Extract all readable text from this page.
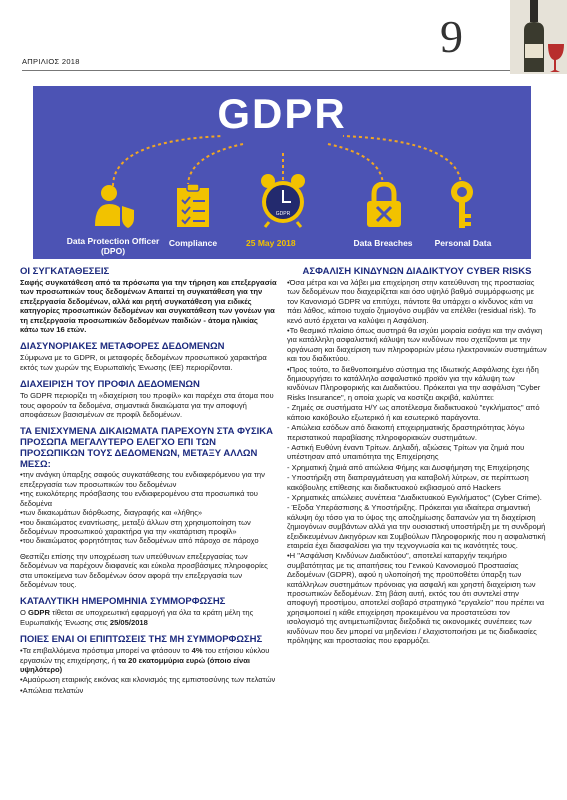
ΑΠΡΙΛΙΟΣ 2018	9
GDPR
GDPR
Data Protection Officer (DPO)
Compliance	25 May 2018	Data Breaches	Personal Data
ΟΙ ΣΥΓΚΑΤΑΘΕΣΕΙΣ

Σαφής συγκατάθεση από τα πρόσωπα για την τήρηση και επεξεργασία των προσωπικών τους δεδομένων Απαιτεί τη συγκατάθεση για την επεξεργασία δεδομένων, αλλά και ρητή συγκατάθεση για ειδικές κατηγορίες προσωπικών δεδομένων και συγκατάθεση των γονέων για τη επεξεργασία προσωπικών δεδομένων παιδιών - άτομα ηλικίας κάτω των 16 ετών.

ΔΙΑΣΥΝΟΡΙΑΚΕΣ ΜΕΤΑΦΟΡΕΣ ΔΕΔΟΜΕΝΩΝ

Σύμφωνα με το GDPR, οι μεταφορές δεδομένων προσωπικού χαρακτήρα εκτός των χωρών της Ευρωπαϊκής Ένωσης (ΕΕ) περιορίζονται.

ΔΙΑΧΕΙΡΙΣΗ ΤΟΥ ΠΡΟΦΙΛ ΔΕΔΟΜΕΝΩΝ

Το GDPR περιορίζει τη «διαχείριση του προφίλ» και παρέχει στα άτομα που τους αφορούν τα δεδομένα, σημαντικά δικαιώματα για την αποφυγή αποφάσεων βασισμένων σε προφίλ δεδομένων.

ΤΑ ΕΝΙΣΧΥΜΕΝΑ ΔΙΚΑΙΩΜΑΤΑ ΠΑΡΕΧΟΥΝ ΣΤΑ ΦΥΣΙΚΑ ΠΡΟΣΩΠΑ ΜΕΓΑΛΥΤΕΡΟ ΕΛΕΓΧΟ ΕΠΙ ΤΩΝ ΠΡΟΣΩΠΙΚΩΝ ΤΟΥΣ ΔΕΔΟΜΕΝΩΝ, ΜΕΤΑΞΥ ΑΛΛΩΝ ΜΕΣΩ:

•την ανάγκη ύπαρξης σαφούς συγκατάθεσης του ενδιαφερόμενου για την επεξεργασία των προσωπικών του δεδομένων

•της ευκολότερης πρόσβασης του ενδιαφερομένου στα προσωπικά του δεδομένα

•των δικαιωμάτων διόρθωσης, διαγραφής και «λήθης»

•του δικαιώματος εναντίωσης, μεταξύ άλλων στη χρησιμοποίηση των δεδομένων προσωπικού χαρακτήρα για την «κατάρτιση προφίλ»

•του δικαιώματος φορητότητας των δεδομένων από πάροχο σε πάροχο

Θεσπίζει επίσης την υποχρέωση των υπεύθυνων επεξεργασίας των δεδομένων να παρέχουν διαφανείς και εύκολα προσβάσιμες πληροφορίες στα υποκείμενα των δεδομένων όσον αφορά την επεξεργασία των δεδομένων τους.

ΚΑΤΑΛΥΤΙΚΗ ΗΜΕΡΟΜΗΝΙΑ ΣΥΜΜΟΡΦΩΣΗΣ

Ο GDPR τίθεται σε υποχρεωτική εφαρμογή για όλα τα κράτη μέλη της Ευρωπαϊκής Ένωσης στις 25/05/2018

ΠΟΙΕΣ ΕΝΑΙ ΟΙ ΕΠΙΠΤΩΣΕΙΣ ΤΗΣ ΜΗ ΣΥΜΜΟΡΦΩΣΗΣ

•Τα επιβαλλόμενα πρόστιμα μπορεί να φτάσουν το 4% του ετήσιου κύκλου εργασιών της επιχείρησης, ή τα 20 εκατομμύρια ευρώ (όποιο είναι υψηλότερο)

•Αμαύρωση εταιρικής εικόνας και κλονισμός της εμπιστοσύνης των πελατών

•Απώλεια πελατών

ΑΣΦΑΛΙΣΗ ΚΙΝΔΥΝΩΝ ΔΙΑΔΙΚΤΥΟΥ CYBER RISKS

•Όσα μέτρα και να λάβει μια επιχείρηση στην κατεύθυνση της προστασίας των δεδομένων που διαχειρίζεται και όσο υψηλό βαθμό συμμόρφωσης με τον Κανονισμό GDPR να επιτύχει, πάντοτε θα υπάρχει ο κίνδυνος κάτι να πάει λάθος, κάποιο τυχαίο ζημιογόνο συμβάν να επέλθει (residual risk). Το κενό αυτό έρχεται να καλύψει η Ασφάλιση.

•Το θεσμικό πλαίσιο όπως αυστηρά θα ισχύει μοιραία εισάγει και την ανάγκη για κατάλληλη ασφαλιστική κάλυψη των κινδύνων που σχετίζονται με την οργάνωση και διαχείριση των πληροφοριών μέσω ηλεκτρονικών συστημάτων και του διαδικτύου.

•Προς τούτο, το διεθνοποιημένο σύστημα της Ιδιωτικής Ασφάλισης έχει ήδη δημιουργήσει το κατάλληλο ασφαλιστικό προϊόν για την κάλυψη των κινδύνων Πληροφορικής και Διαδικτύου. Πρόκειται για την ασφάλιση "Cyber Risks Insurance", η οποία χωρίς να κοστίζει ακριβά, καλύπτει:

- Ζημιές σε συστήματα Η/Υ ως αποτέλεσμα διαδικτυακού "εγκλήματος" από κάποιο κακόβουλο εξωτερικό ή και εσωτερικό παράγοντα.

- Απώλεια εσόδων από διακοπή επιχειρηματικής δραστηριότητας λόγω περιστατικού παραβίασης πληροφοριακών συστημάτων.

- Αστική Ευθύνη έναντι Τρίτων. Δηλαδή, αξιώσεις Τρίτων για ζημιά που υπέστησαν από υπαιτιότητα της Επιχείρησης

- Χρηματική ζημιά από απώλεια Φήμης και Δυσφήμηση της Επιχείρησης

- Υποστήριξη στη διαπραγμάτευση για καταβολή λύτρων, σε περίπτωση κακόβουλης επίθεσης και διαδικτυακού εκβιασμού από Hackers

- Χρηματικές απώλειες συνέπεια "Διαδικτυακού Εγκλήματος" (Cyber Crime).

- Έξοδα Υπεράσπισης & Υποστήριξης. Πρόκειται για ιδιαίτερα σημαντική κάλυψη όχι τόσο για το ύψος της αποζημίωσης δαπανών για τη διαχείριση ζημιογόνων συμβάντων αλλά για την ουσιαστική υποστήριξη με τη συνδρομή εξειδικευμένων Δικηγόρων και Συμβούλων Πληροφορικής που η ασφαλιστική εταιρεία έχει διασφαλίσει για την τεχνογνωσία και τις ικανότητές τους.

•Η "Ασφάλιση Κινδύνων Διαδικτύου", αποτελεί καταρχήν τεκμήριο συμβατότητας με τις απαιτήσεις του Γενικού Κανονισμού Προστασίας Δεδομένων (GDPR), αφού η υλοποίησή της προϋποθέτει ύπαρξη των κατάλληλων συστημάτων πρόνοιας για ασφαλή και χρηστή διαχείριση των προσωπικών δεδομένων. Στη βάση αυτή, εκτός του ότι συντελεί στην αποφυγή προστίμου, αποτελεί σοβαρό στρατηγικό "εργαλείο" που πρέπει να χρησιμοποιεί η κάθε επιχείρηση προκειμένου να προστατεύσει τον ισολογισμό της αντιμετωπίζοντας διεξοδικά τις οικονομικές συνέπειες των κινδύνων που δεν μπορεί να μηδενίσει / ελαχιστοποιήσει με τις διαδικασίες πρόληψης και προστασίας που εφαρμόζει.
